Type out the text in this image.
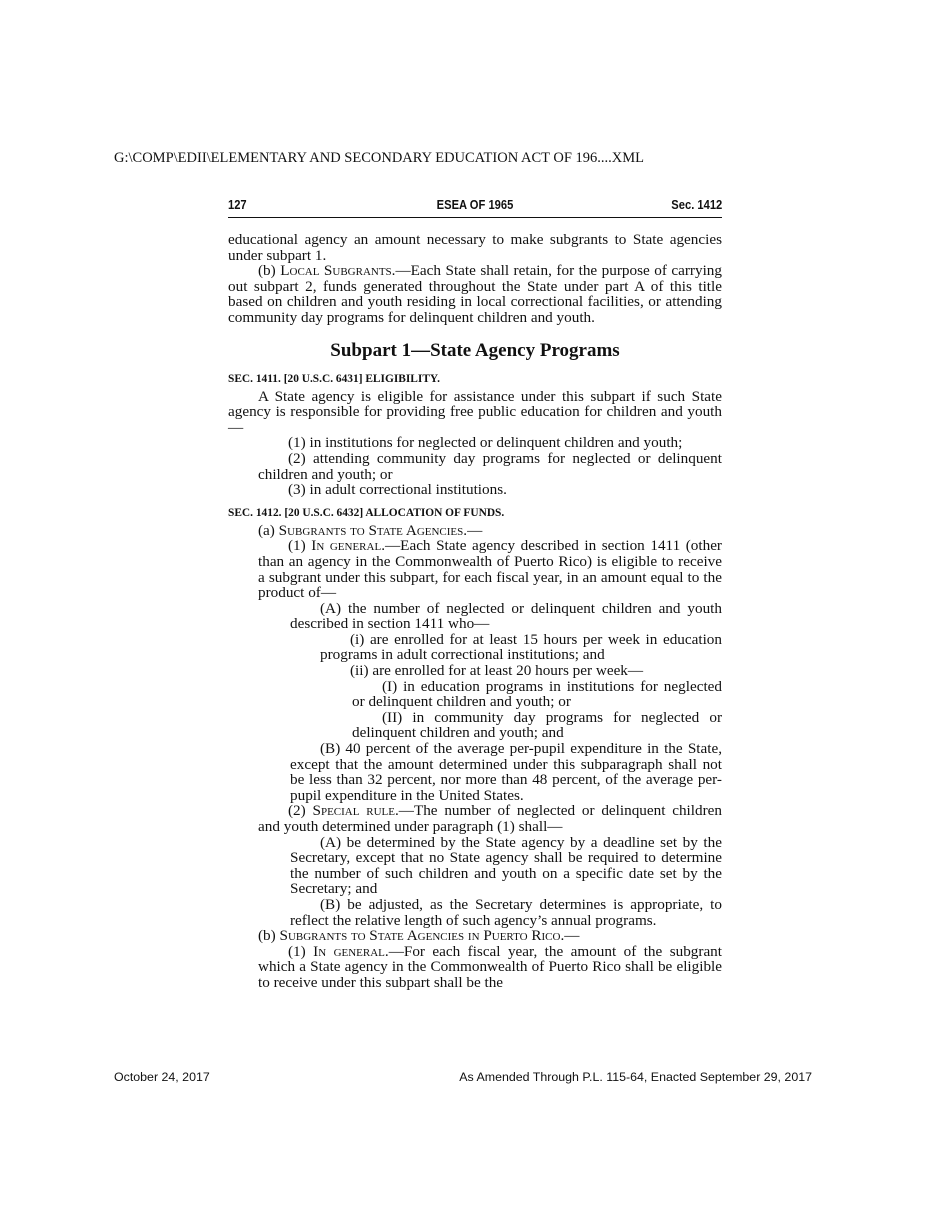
G:\COMP\EDII\ELEMENTARY AND SECONDARY EDUCATION ACT OF 196....XML
127	ESEA OF 1965	Sec. 1412

educational agency an amount necessary to make subgrants to State agencies under subpart 1.

(b) Local Subgrants.—Each State shall retain, for the purpose of carrying out subpart 2, funds generated throughout the State under part A of this title based on children and youth residing in local correctional facilities, or attending community day programs for delinquent children and youth.

Subpart 1—State Agency Programs
SEC. 1411. [20 U.S.C. 6431] ELIGIBILITY.

A State agency is eligible for assistance under this subpart if such State agency is responsible for providing free public education for children and youth—

(1) in institutions for neglected or delinquent children and youth;

(2) attending community day programs for neglected or delinquent children and youth; or

(3) in adult correctional institutions.

SEC. 1412. [20 U.S.C. 6432] ALLOCATION OF FUNDS.

(a) Subgrants to State Agencies.—

(1) In general.—Each State agency described in section 1411 (other than an agency in the Commonwealth of Puerto Rico) is eligible to receive a subgrant under this subpart, for each fiscal year, in an amount equal to the product of—

(A) the number of neglected or delinquent children and youth described in section 1411 who—

(i) are enrolled for at least 15 hours per week in education programs in adult correctional institutions; and

(ii) are enrolled for at least 20 hours per week—

(I) in education programs in institutions for neglected or delinquent children and youth; or

(II) in community day programs for neglected or delinquent children and youth; and

(B) 40 percent of the average per-pupil expenditure in the State, except that the amount determined under this subparagraph shall not be less than 32 percent, nor more than 48 percent, of the average per-pupil expenditure in the United States.

(2) Special rule.—The number of neglected or delinquent children and youth determined under paragraph (1) shall—

(A) be determined by the State agency by a deadline set by the Secretary, except that no State agency shall be required to determine the number of such children and youth on a specific date set by the Secretary; and

(B) be adjusted, as the Secretary determines is appropriate, to reflect the relative length of such agency’s annual programs.

(b) Subgrants to State Agencies in Puerto Rico.—

(1) In general.—For each fiscal year, the amount of the subgrant which a State agency in the Commonwealth of Puerto Rico shall be eligible to receive under this subpart shall be the

October 24, 2017	As Amended Through P.L. 115-64, Enacted September 29, 2017
